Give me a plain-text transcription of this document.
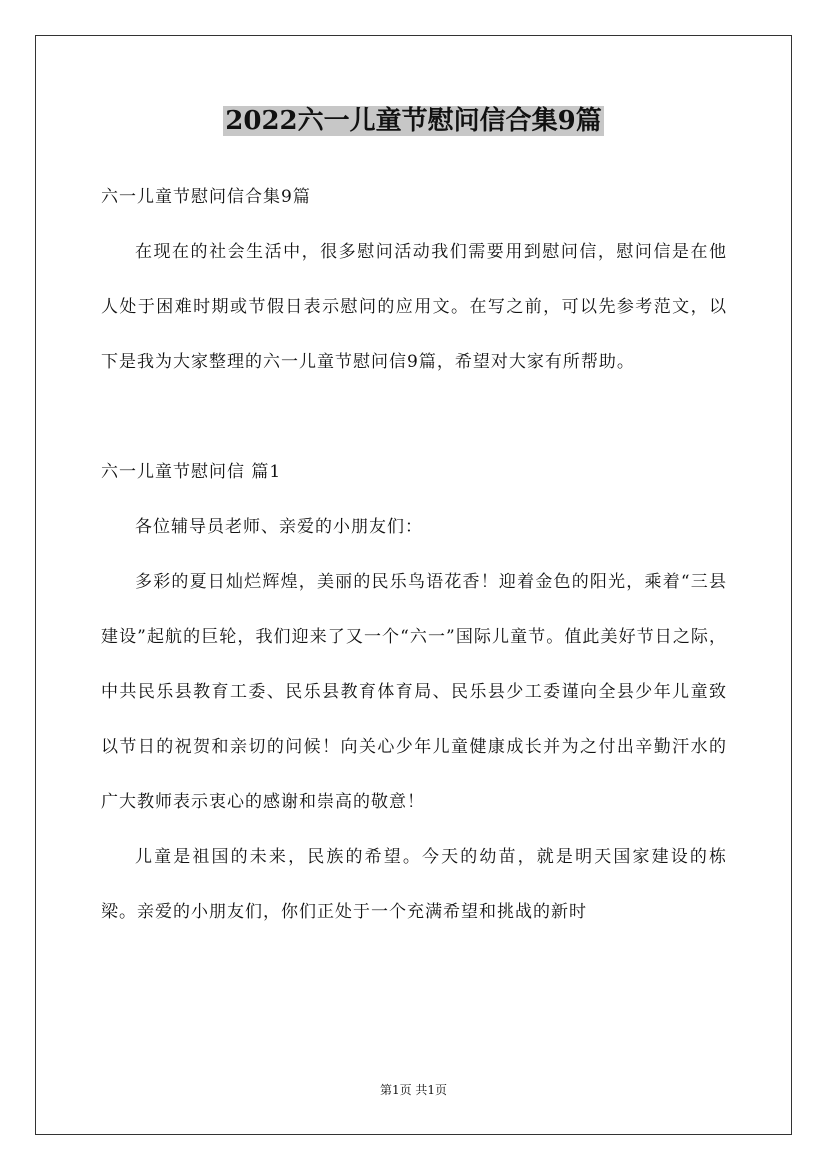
2022六一儿童节慰问信合集9篇

六一儿童节慰问信合集9篇

在现在的社会生活中，很多慰问活动我们需要用到慰问信，慰问信是在他人处于困难时期或节假日表示慰问的应用文。在写之前，可以先参考范文，以下是我为大家整理的六一儿童节慰问信9篇，希望对大家有所帮助。

六一儿童节慰问信 篇1

各位辅导员老师、亲爱的小朋友们：

多彩的夏日灿烂辉煌，美丽的民乐鸟语花香！迎着金色的阳光，乘着“三县建设”起航的巨轮，我们迎来了又一个“六一”国际儿童节。值此美好节日之际，中共民乐县教育工委、民乐县教育体育局、民乐县少工委谨向全县少年儿童致以节日的祝贺和亲切的问候！向关心少年儿童健康成长并为之付出辛勤汗水的广大教师表示衷心的感谢和崇高的敬意！

儿童是祖国的未来，民族的希望。今天的幼苗，就是明天国家建设的栋梁。亲爱的小朋友们，你们正处于一个充满希望和挑战的新时

第1页 共1页
